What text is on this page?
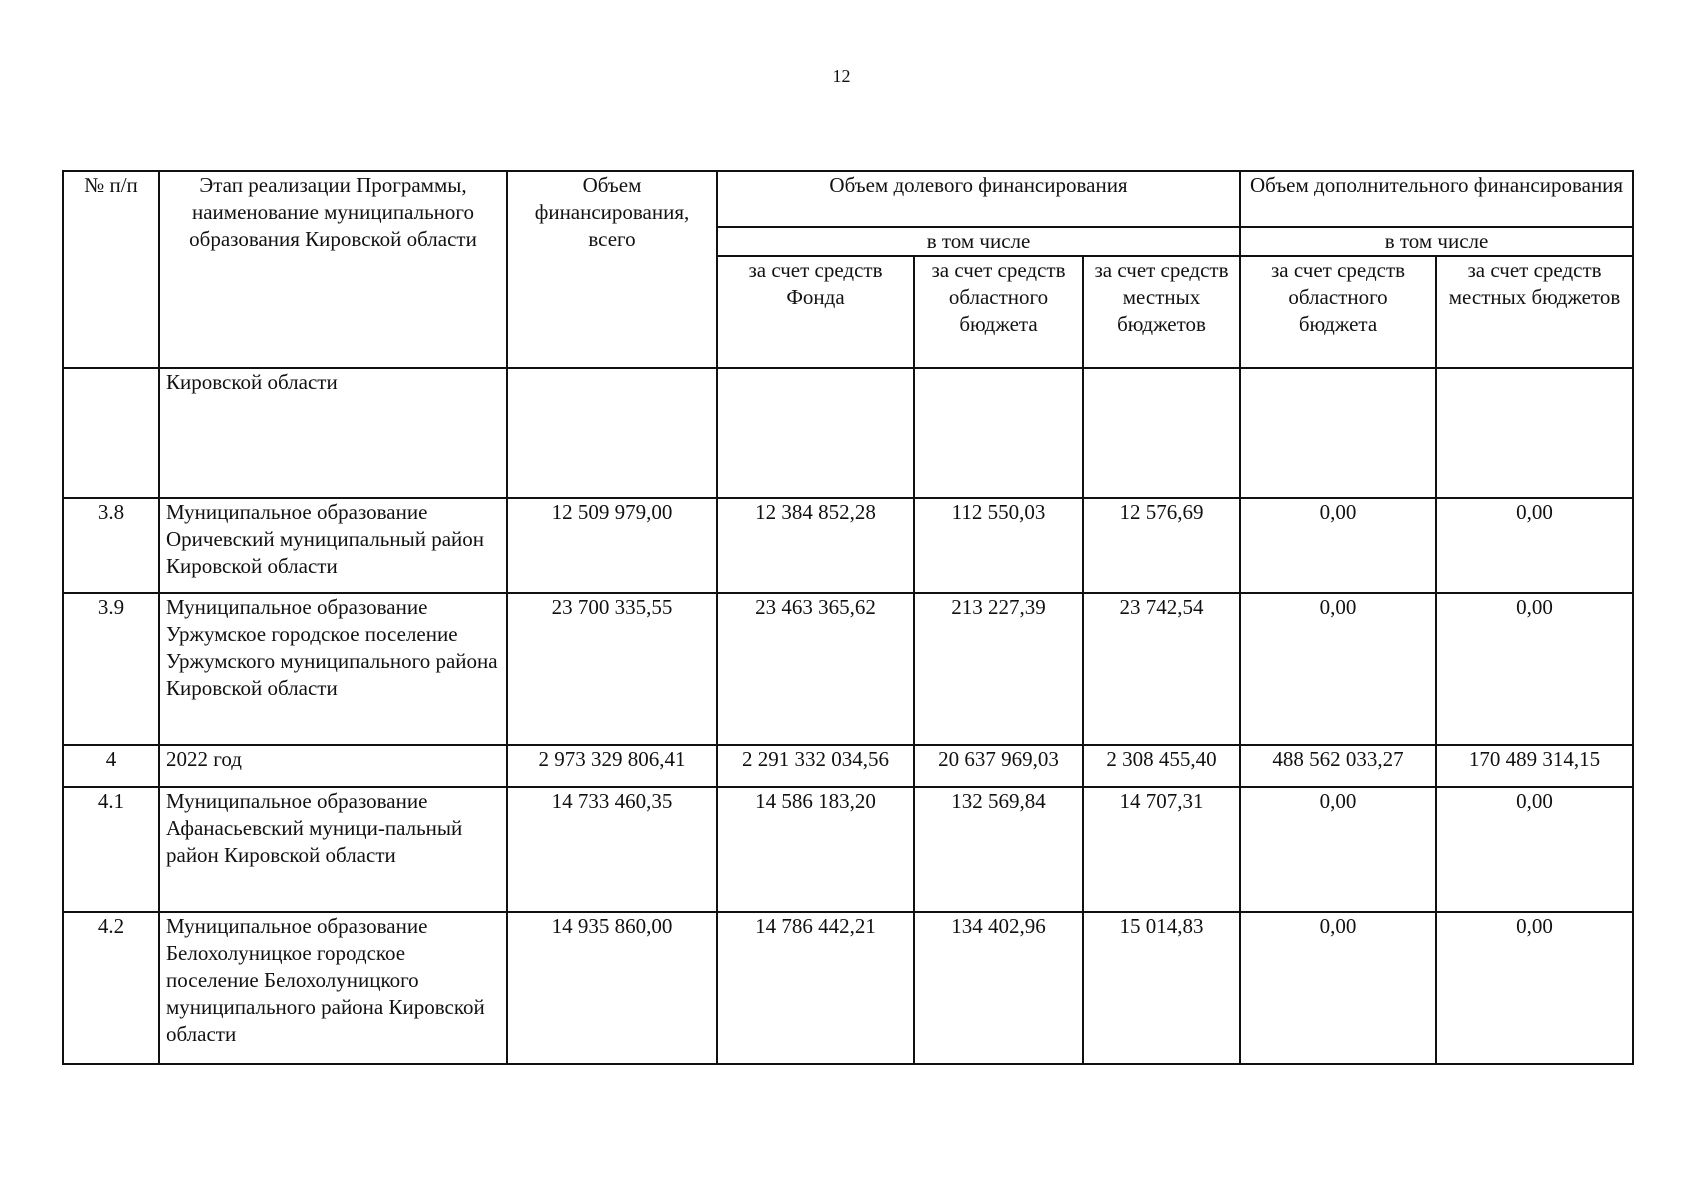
12
№ п/п	Этап реализации Программы, наименование муниципального образования Кировской области	Объем финансирования, всего	Объем долевого финансирования			Объем дополнительного финансирования	
			в том числе			в том числе	
			за счет средств Фонда	за счет средств областного бюджета	за счет средств местных бюджетов	за счет средств областного бюджета	за счет средств местных бюджетов
	Кировской области						
3.8	Муниципальное образование Оричевский муниципальный район Кировской области	12 509 979,00	12 384 852,28	112 550,03	12 576,69	0,00	0,00
3.9	Муниципальное образование Уржумское городское поселение Уржумского муниципального района Кировской области	23 700 335,55	23 463 365,62	213 227,39	23 742,54	0,00	0,00
4	2022 год	2 973 329 806,41	2 291 332 034,56	20 637 969,03	2 308 455,40	488 562 033,27	170 489 314,15
4.1	Муниципальное образование Афанасьевский муници-пальный район Кировской области	14 733 460,35	14 586 183,20	132 569,84	14 707,31	0,00	0,00
4.2	Муниципальное образование Белохолуницкое городское поселение Белохолуницкого муниципального района Кировской области	14 935 860,00	14 786 442,21	134 402,96	15 014,83	0,00	0,00
